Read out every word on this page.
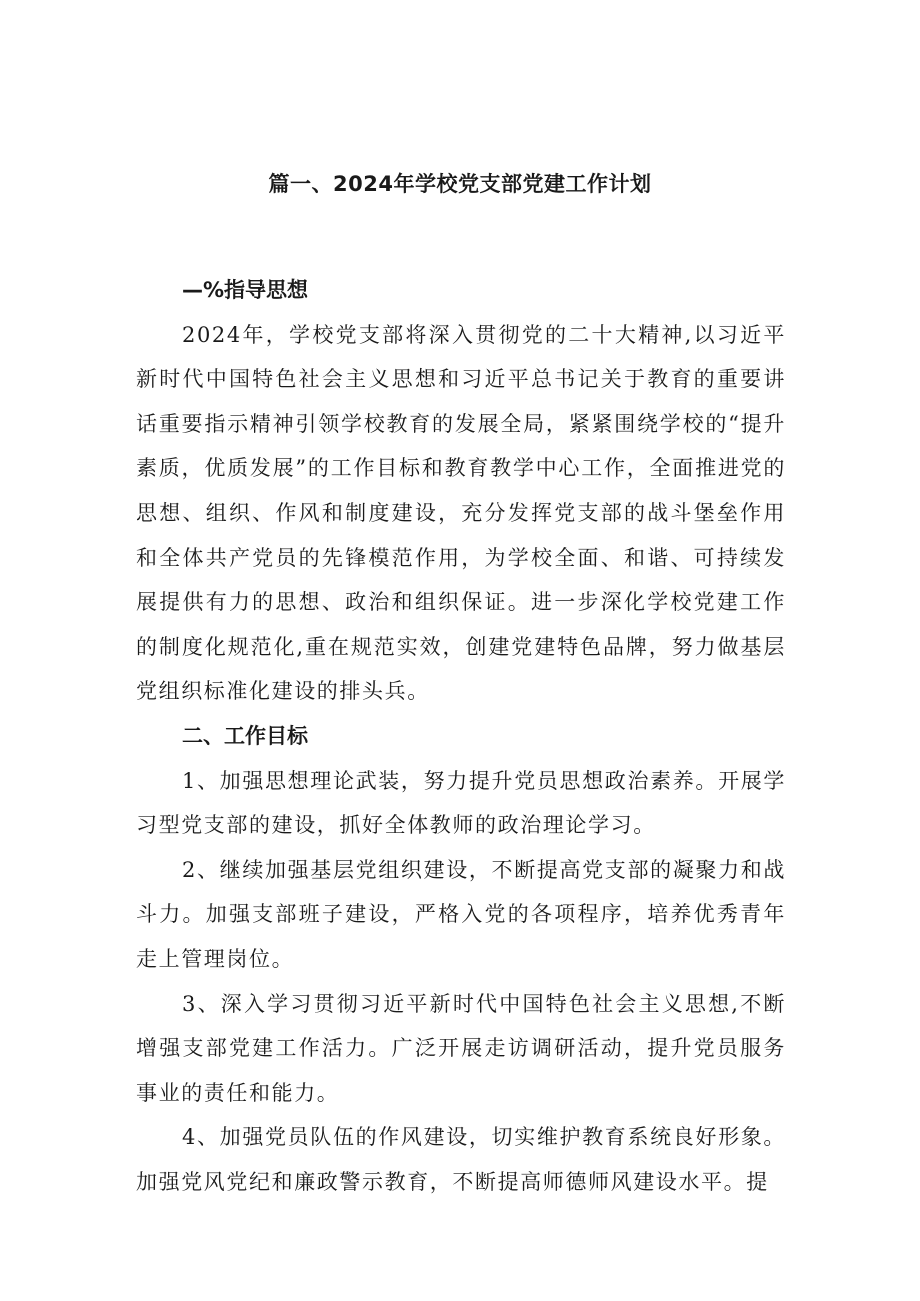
篇一、2024年学校党支部党建工作计划

—%指导思想

2024年，学校党支部将深入贯彻党的二十大精神,以习近平新时代中国特色社会主义思想和习近平总书记关于教育的重要讲话重要指示精神引领学校教育的发展全局，紧紧围绕学校的“提升素质，优质发展”的工作目标和教育教学中心工作，全面推进党的思想、组织、作风和制度建设，充分发挥党支部的战斗堡垒作用和全体共产党员的先锋模范作用，为学校全面、和谐、可持续发展提供有力的思想、政治和组织保证。进一步深化学校党建工作的制度化规范化,重在规范实效，创建党建特色品牌，努力做基层党组织标准化建设的排头兵。

二、工作目标

1、加强思想理论武装，努力提升党员思想政治素养。开展学习型党支部的建设，抓好全体教师的政治理论学习。

2、继续加强基层党组织建设，不断提高党支部的凝聚力和战斗力。加强支部班子建设，严格入党的各项程序，培养优秀青年走上管理岗位。

3、深入学习贯彻习近平新时代中国特色社会主义思想,不断增强支部党建工作活力。广泛开展走访调研活动，提升党员服务事业的责任和能力。

4、加强党员队伍的作风建设，切实维护教育系统良好形象。加强党风党纪和廉政警示教育，不断提高师德师风建设水平。提
